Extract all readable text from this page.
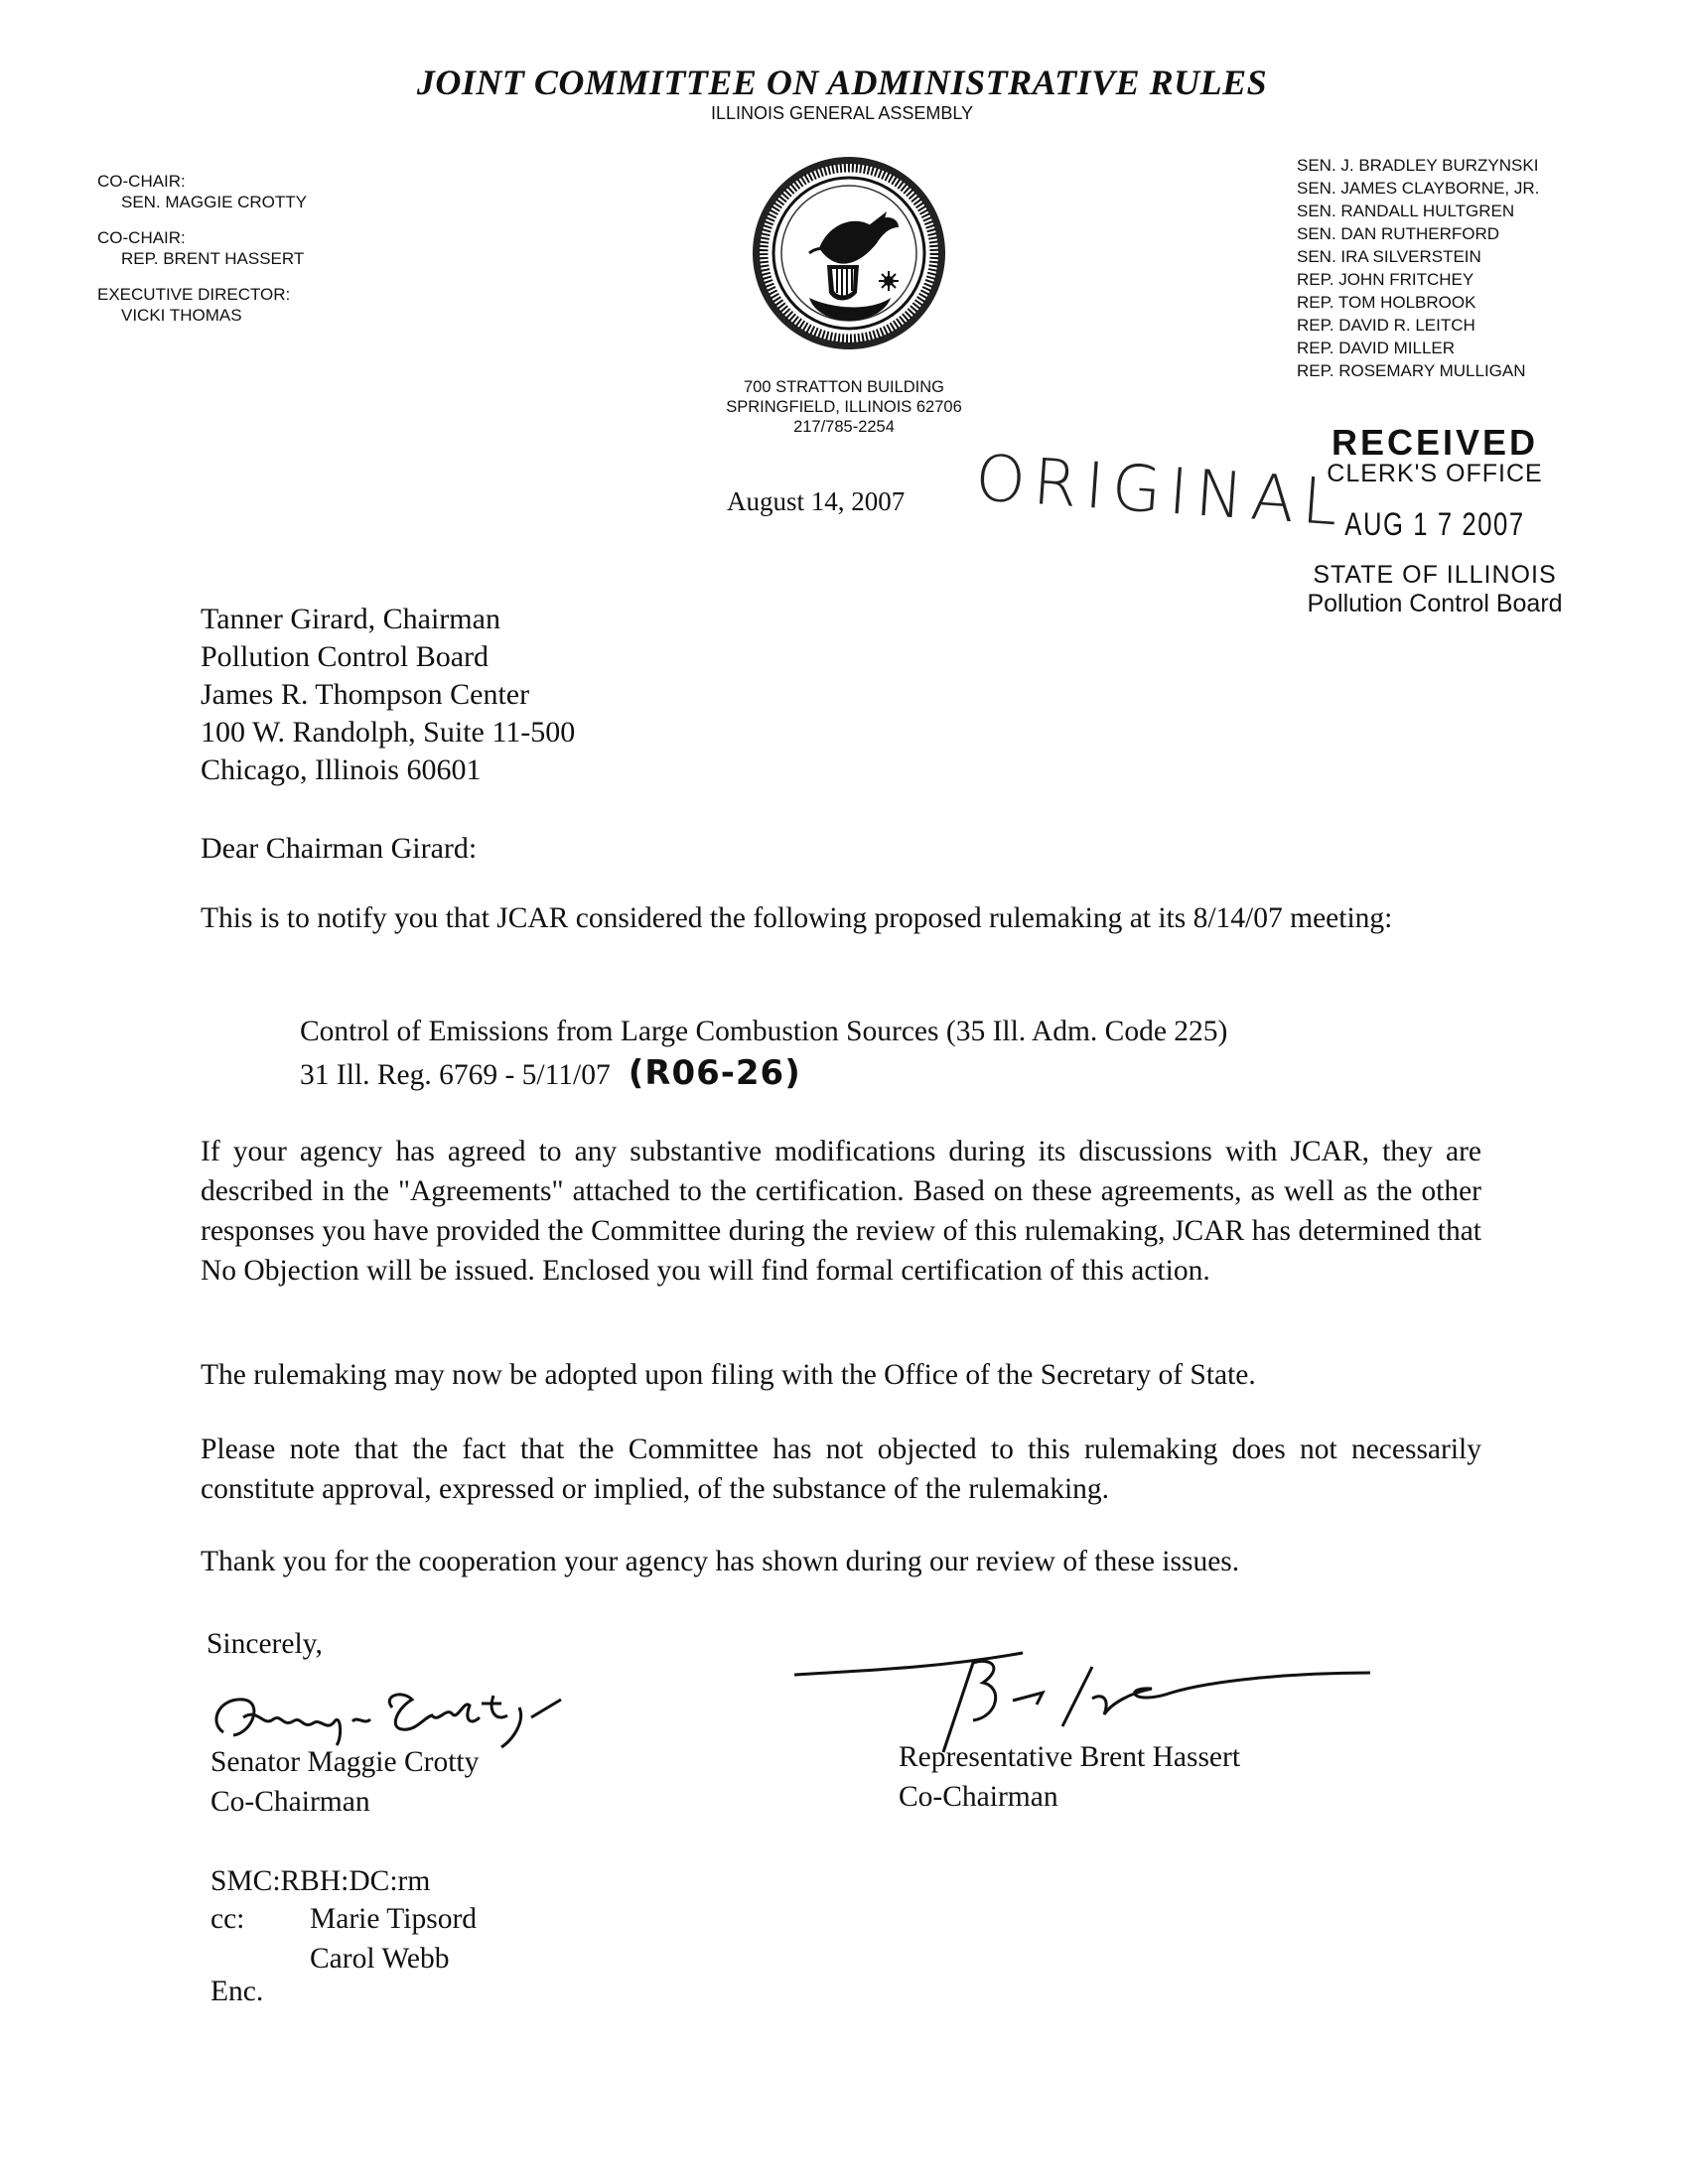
JOINT COMMITTEE ON ADMINISTRATIVE RULES
ILLINOIS GENERAL ASSEMBLY
CO-CHAIR:
SEN. MAGGIE CROTTY
CO-CHAIR:
REP. BRENT HASSERT
EXECUTIVE DIRECTOR:
VICKI THOMAS
SEN. J. BRADLEY BURZYNSKI
SEN. JAMES CLAYBORNE, JR.
SEN. RANDALL HULTGREN
SEN. DAN RUTHERFORD
SEN. IRA SILVERSTEIN
REP. JOHN FRITCHEY
REP. TOM HOLBROOK
REP. DAVID R. LEITCH
REP. DAVID MILLER
REP. ROSEMARY MULLIGAN
700 STRATTON BUILDING
SPRINGFIELD, ILLINOIS 62706
217/785-2254
August 14, 2007 ORIGINAL
RECEIVED
CLERK'S OFFICE
AUG 1 7 2007
STATE OF ILLINOIS
Pollution Control Board
Tanner Girard, Chairman
Pollution Control Board
James R. Thompson Center
100 W. Randolph, Suite 11-500
Chicago, Illinois 60601
Dear Chairman Girard:
This is to notify you that JCAR considered the following proposed rulemaking at its 8/14/07 meeting:
Control of Emissions from Large Combustion Sources (35 Ill. Adm. Code 225)
31 Ill. Reg. 6769 - 5/11/07 (R06-26)
If your agency has agreed to any substantive modifications during its discussions with JCAR, they are described in the "Agreements" attached to the certification. Based on these agreements, as well as the other responses you have provided the Committee during the review of this rulemaking, JCAR has determined that No Objection will be issued. Enclosed you will find formal certification of this action.
The rulemaking may now be adopted upon filing with the Office of the Secretary of State.
Please note that the fact that the Committee has not objected to this rulemaking does not necessarily constitute approval, expressed or implied, of the substance of the rulemaking.
Thank you for the cooperation your agency has shown during our review of these issues.
Sincerely,
Senator Maggie Crotty
Co-Chairman
Representative Brent Hassert
Co-Chairman
SMC:RBH:DC:rm
cc: Marie Tipsord
Carol Webb
Enc.
